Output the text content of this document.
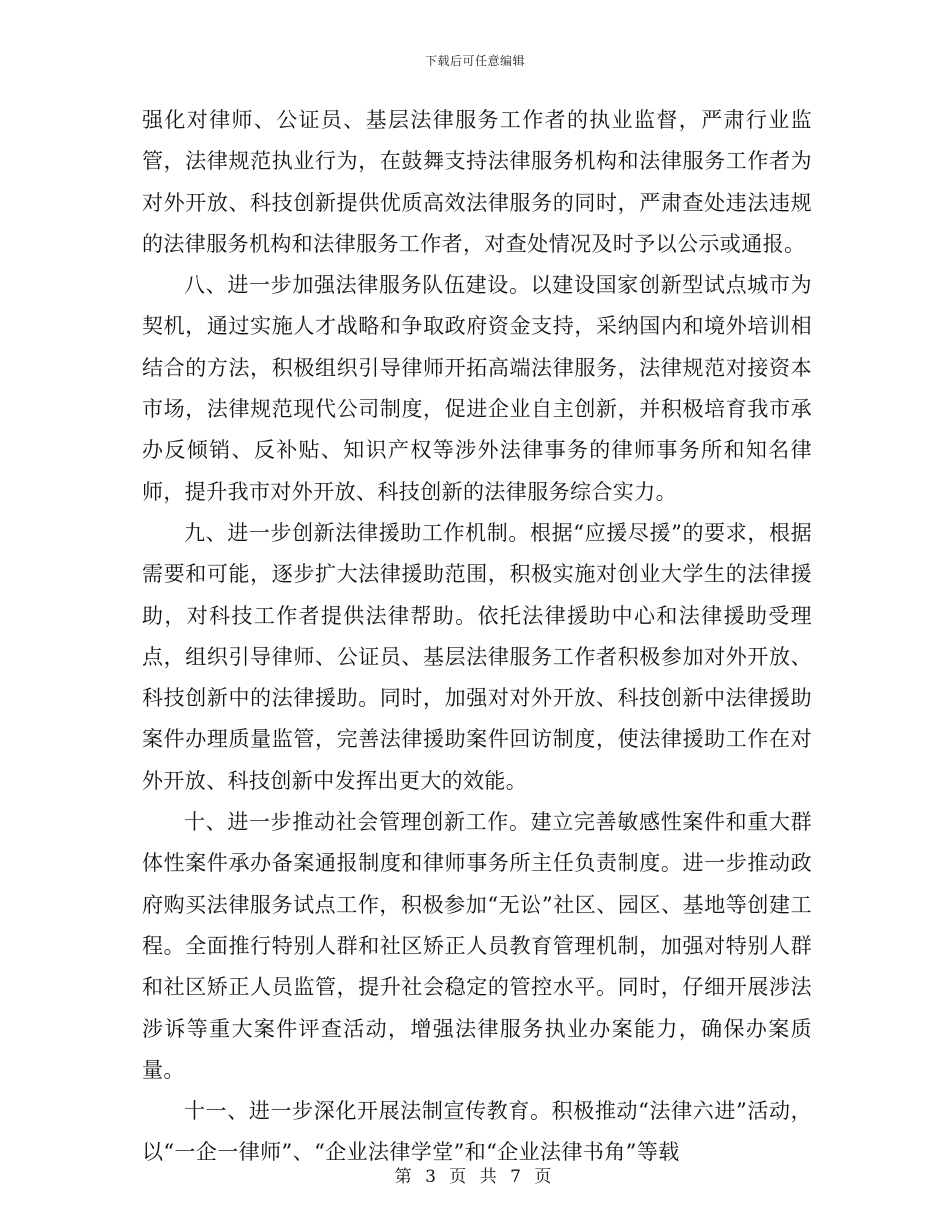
下载后可任意编辑

强化对律师、公证员、基层法律服务工作者的执业监督，严肃行业监管，法律规范执业行为，在鼓舞支持法律服务机构和法律服务工作者为对外开放、科技创新提供优质高效法律服务的同时，严肃查处违法违规的法律服务机构和法律服务工作者，对查处情况及时予以公示或通报。

八、进一步加强法律服务队伍建设。以建设国家创新型试点城市为契机，通过实施人才战略和争取政府资金支持，采纳国内和境外培训相结合的方法，积极组织引导律师开拓高端法律服务，法律规范对接资本市场，法律规范现代公司制度，促进企业自主创新，并积极培育我市承办反倾销、反补贴、知识产权等涉外法律事务的律师事务所和知名律师，提升我市对外开放、科技创新的法律服务综合实力。

九、进一步创新法律援助工作机制。根据“应援尽援”的要求，根据需要和可能，逐步扩大法律援助范围，积极实施对创业大学生的法律援助，对科技工作者提供法律帮助。依托法律援助中心和法律援助受理点，组织引导律师、公证员、基层法律服务工作者积极参加对外开放、科技创新中的法律援助。同时，加强对对外开放、科技创新中法律援助案件办理质量监管，完善法律援助案件回访制度，使法律援助工作在对外开放、科技创新中发挥出更大的效能。

十、进一步推动社会管理创新工作。建立完善敏感性案件和重大群体性案件承办备案通报制度和律师事务所主任负责制度。进一步推动政府购买法律服务试点工作，积极参加“无讼”社区、园区、基地等创建工程。全面推行特别人群和社区矫正人员教育管理机制，加强对特别人群和社区矫正人员监管，提升社会稳定的管控水平。同时，仔细开展涉法涉诉等重大案件评查活动，增强法律服务执业办案能力，确保办案质量。

十一、进一步深化开展法制宣传教育。积极推动“法律六进”活动，以“一企一律师”、“企业法律学堂”和“企业法律书角”等载

第 3 页 共 7 页
